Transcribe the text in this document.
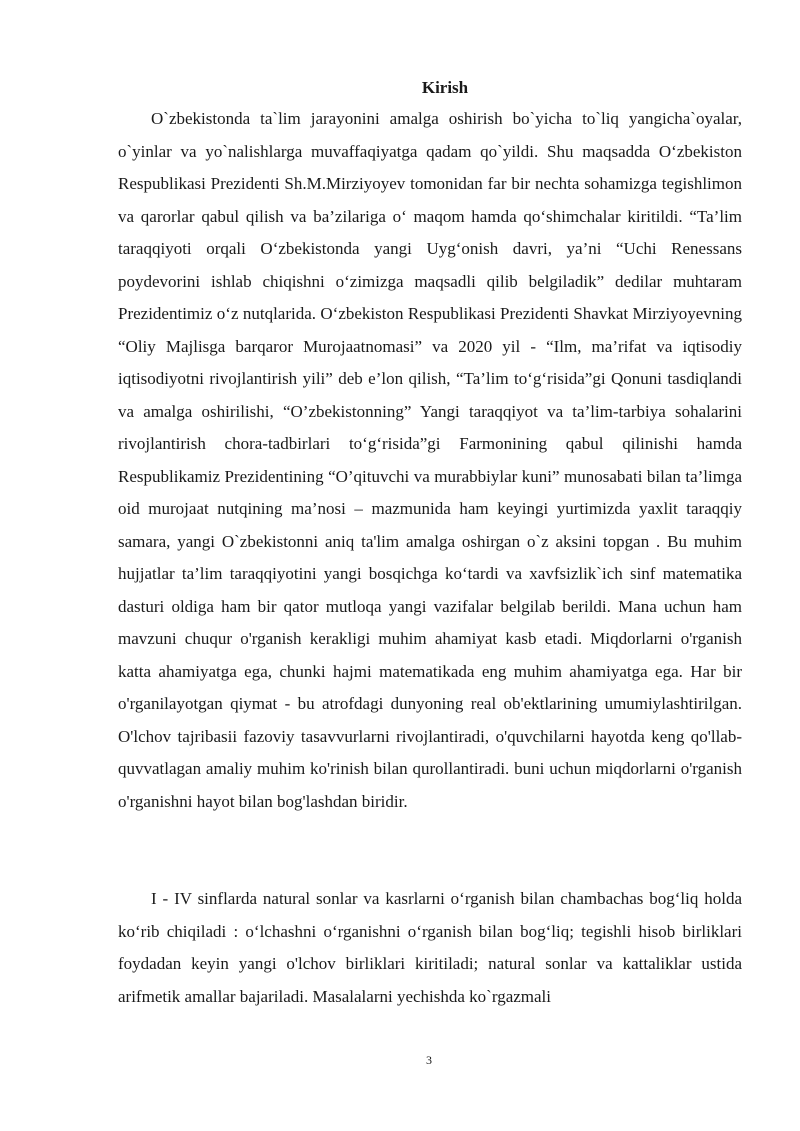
Kirish

O`zbekistonda ta`lim jarayonini amalga oshirish bo`yicha to`liq yangicha`oyalar, o`yinlar va yo`nalishlarga muvaffaqiyatga qadam qo`yildi. Shu maqsadda O‘zbekiston Respublikasi Prezidenti Sh.M.Mirziyoyev tomonidan far bir nechta sohamizga tegishlimon va qarorlar qabul qilish va ba’zilariga o‘ maqom hamda qo‘shimchalar kiritildi. “Ta’lim taraqqiyoti orqali O‘zbekistonda yangi Uyg‘onish davri, ya’ni “Uchi Renessans poydevorini ishlab chiqishni o‘zimizga maqsadli qilib belgiladik” dedilar muhtaram Prezidentimiz o‘z nutqlarida. O‘zbekiston Respublikasi Prezidenti Shavkat Mirziyoyevning “Oliy Majlisga barqaror Murojaatnomasi” va 2020 yil - “Ilm, ma’rifat va iqtisodiy iqtisodiyotni rivojlantirish yili” deb e’lon qilish, “Ta’lim to‘g‘risida”gi Qonuni tasdiqlandi va amalga oshirilishi, “O’zbekistonning” Yangi taraqqiyot va ta’lim-tarbiya sohalarini rivojlantirish chora-tadbirlari to‘g‘risida”gi Farmonining qabul qilinishi hamda Respublikamiz Prezidentining “O’qituvchi va murabbiylar kuni” munosabati bilan ta’limga oid murojaat nutqining ma’nosi – mazmunida ham keyingi yurtimizda yaxlit taraqqiy samara, yangi O`zbekistonni aniq ta'lim amalga oshirgan o`z aksini topgan . Bu muhim hujjatlar ta’lim taraqqiyotini yangi bosqichga ko‘tardi va xavfsizlik`ich sinf matematika dasturi oldiga ham bir qator mutloqa yangi vazifalar belgilab berildi. Mana uchun ham mavzuni chuqur o'rganish kerakligi muhim ahamiyat kasb etadi. Miqdorlarni o'rganish katta ahamiyatga ega, chunki hajmi matematikada eng muhim ahamiyatga ega. Har bir o'rganilayotgan qiymat - bu atrofdagi dunyoning real ob'ektlarining umumiylashtirilgan. O'lchov tajribasii fazoviy tasavvurlarni rivojlantiradi, o'quvchilarni hayotda keng qo'llab-quvvatlagan amaliy muhim ko'rinish bilan qurollantiradi. buni uchun miqdorlarni o'rganish o'rganishni hayot bilan bog'lashdan biridir.

I - IV sinflarda natural sonlar va kasrlarni o‘rganish bilan chambachas bog‘liq holda ko‘rib chiqiladi : o‘lchashni o‘rganishni o‘rganish bilan bog‘liq; tegishli hisob birliklari foydadan keyin yangi o'lchov birliklari kiritiladi; natural sonlar va kattaliklar ustida arifmetik amallar bajariladi. Masalalarni yechishda ko`rgazmali

3
